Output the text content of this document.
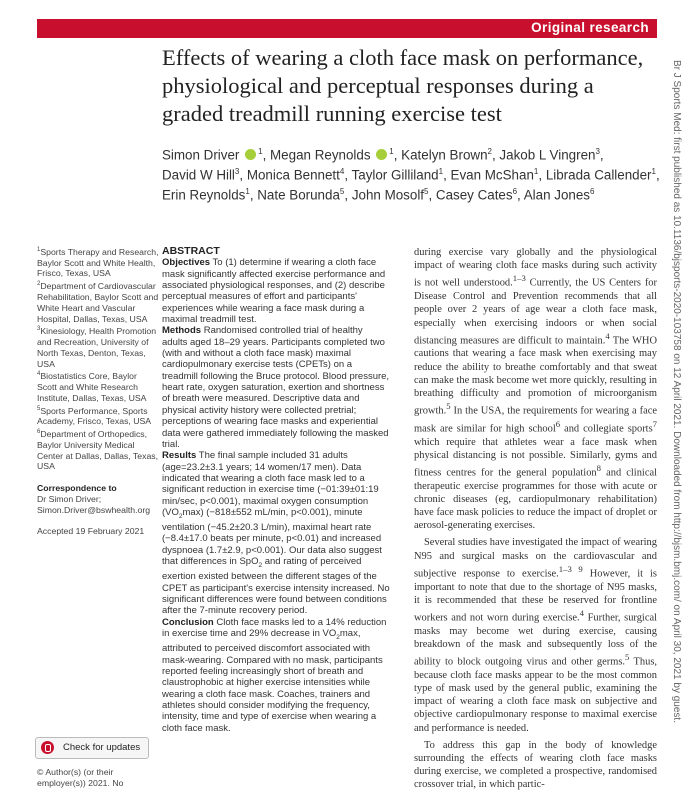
Original research
Effects of wearing a cloth face mask on performance, physiological and perceptual responses during a graded treadmill running exercise test
Simon Driver $^1$, Megan Reynolds $^1$, Katelyn Brown$^2$, Jakob L Vingren$^3$,
David W Hill$^3$, Monica Bennett$^4$, Taylor Gilliland$^1$, Evan McShan$^1$, Librada Callender$^1$,
Erin Reynolds$^1$, Nate Borunda$^5$, John Mosolf$^5$, Casey Cates$^6$, Alan Jones$^6$
$^1$Sports Therapy and Research, Baylor Scott and White Health, Frisco, Texas, USA
$^2$Department of Cardiovascular Rehabilitation, Baylor Scott and White Heart and Vascular Hospital, Dallas, Texas, USA
$^3$Kinesiology, Health Promotion and Recreation, University of North Texas, Denton, Texas, USA
$^4$Biostatistics Core, Baylor Scott and White Research Institute, Dallas, Texas, USA
$^5$Sports Performance, Sports Academy, Frisco, Texas, USA
$^6$Department of Orthopedics, Baylor University Medical Center at Dallas, Dallas, Texas, USA
Correspondence to
Dr Simon Driver;
Simon.Driver@bswhealth.org
Accepted 19 February 2021
Check for updates
© Author(s) (or their employer(s)) 2021. No
ABSTRACT

Objectives To (1) determine if wearing a cloth face mask significantly affected exercise performance and associated physiological responses, and (2) describe perceptual measures of effort and participants' experiences while wearing a face mask during a maximal treadmill test.

Methods Randomised controlled trial of healthy adults aged 18–29 years. Participants completed two (with and without a cloth face mask) maximal cardiopulmonary exercise tests (CPETs) on a treadmill following the Bruce protocol. Blood pressure, heart rate, oxygen saturation, exertion and shortness of breath were measured. Descriptive data and physical activity history were collected pretrial; perceptions of wearing face masks and experiential data were gathered immediately following the masked trial.

Results The final sample included 31 adults (age=23.2±3.1 years; 14 women/17 men). Data indicated that wearing a cloth face mask led to a significant reduction in exercise time (−01:39±01:19 min/sec, p<0.001), maximal oxygen consumption $(VO_2\max)$ (−818±552 mL/min, p<0.001), minute ventilation (−45.2±20.3 L/min), maximal heart rate (−8.4±17.0 beats per minute, p<0.01) and increased dyspnoea (1.7±2.9, p<0.001). Our data also suggest that differences in SpO$_2$ and rating of perceived exertion existed between the different stages of the CPET as participant's exercise intensity increased. No significant differences were found between conditions after the 7-minute recovery period.

Conclusion Cloth face masks led to a 14% reduction in exercise time and 29% decrease in $VO_2\max$, attributed to perceived discomfort associated with mask-wearing. Compared with no mask, participants reported feeling increasingly short of breath and claustrophobic at higher exercise intensities while wearing a cloth face mask. Coaches, trainers and athletes should consider modifying the frequency, intensity, time and type of exercise when wearing a cloth face mask.

during exercise vary globally and the physiological impact of wearing cloth face masks during such activity is not well understood.$^{1-3}$ Currently, the US Centers for Disease Control and Prevention recommends that all people over 2 years of age wear a cloth face mask, especially when exercising indoors or when social distancing measures are difficult to maintain.$^4$ The WHO cautions that wearing a face mask when exercising may reduce the ability to breathe comfortably and that sweat can make the mask become wet more quickly, resulting in breathing difficulty and promotion of microorganism growth.$^5$ In the USA, the requirements for wearing a face mask are similar for high school$^6$ and collegiate sports$^7$ which require that athletes wear a face mask when physical distancing is not possible. Similarly, gyms and fitness centres for the general population$^8$ and clinical therapeutic exercise programmes for those with acute or chronic diseases (eg, cardiopulmonary rehabilitation) have face mask policies to reduce the impact of droplet or aerosol-generating exercises.

Several studies have investigated the impact of wearing N95 and surgical masks on the cardiovascular and subjective response to exercise.$^{1-3 9}$ However, it is important to note that due to the shortage of N95 masks, it is recommended that these be reserved for frontline workers and not worn during exercise.$^4$ Further, surgical masks may become wet during exercise, causing breakdown of the mask and subsequently loss of the ability to block outgoing virus and other germs.$^5$ Thus, because cloth face masks appear to be the most common type of mask used by the general public, examining the impact of wearing a cloth face mask on subjective and objective cardiopulmonary response to maximal exercise and performance is needed.

To address this gap in the body of knowledge surrounding the effects of wearing cloth face masks during exercise, we completed a prospective, randomised crossover trial, in which partic-

Br J Sports Med: first published as 10.1136/bjsports-2020-103758 on 12 April 2021. Downloaded from http://bjsm.bmj.com/ on April 30, 2021 by guest.
